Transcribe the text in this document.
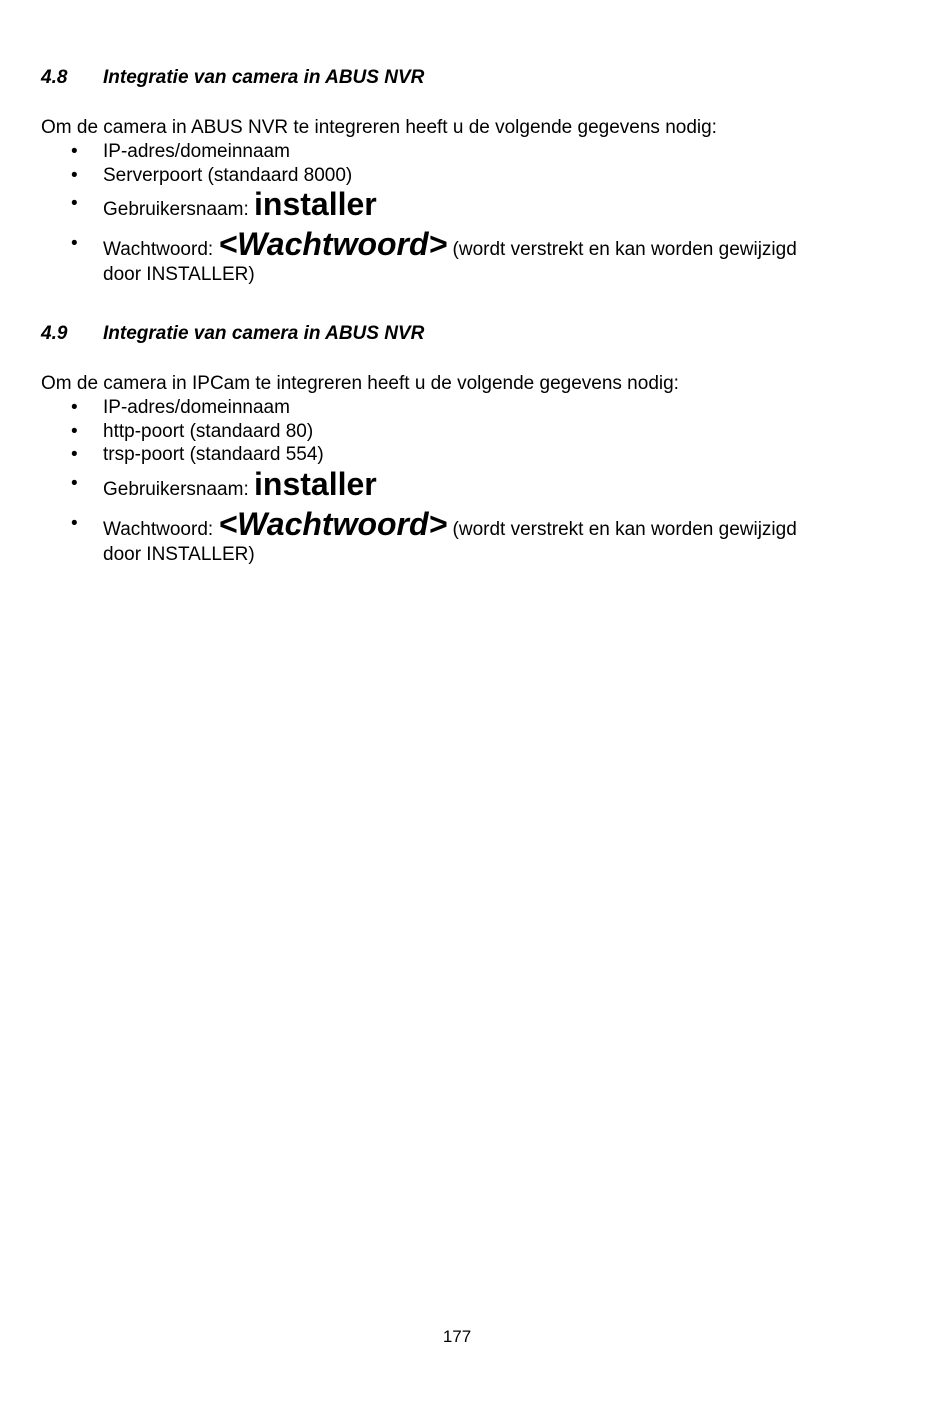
4.8 Integratie van camera in ABUS NVR
Om de camera in ABUS NVR te integreren heeft u de volgende gegevens nodig:
• IP-adres/domeinnaam
• Serverpoort (standaard 8000)
• Gebruikersnaam: installer
• Wachtwoord: <Wachtwoord> (wordt verstrekt en kan worden gewijzigd
door INSTALLER)
4.9 Integratie van camera in ABUS NVR
Om de camera in IPCam te integreren heeft u de volgende gegevens nodig:
• IP-adres/domeinnaam
• http-poort (standaard 80)
• trsp-poort (standaard 554)
• Gebruikersnaam: installer
• Wachtwoord: <Wachtwoord> (wordt verstrekt en kan worden gewijzigd
door INSTALLER)
177
